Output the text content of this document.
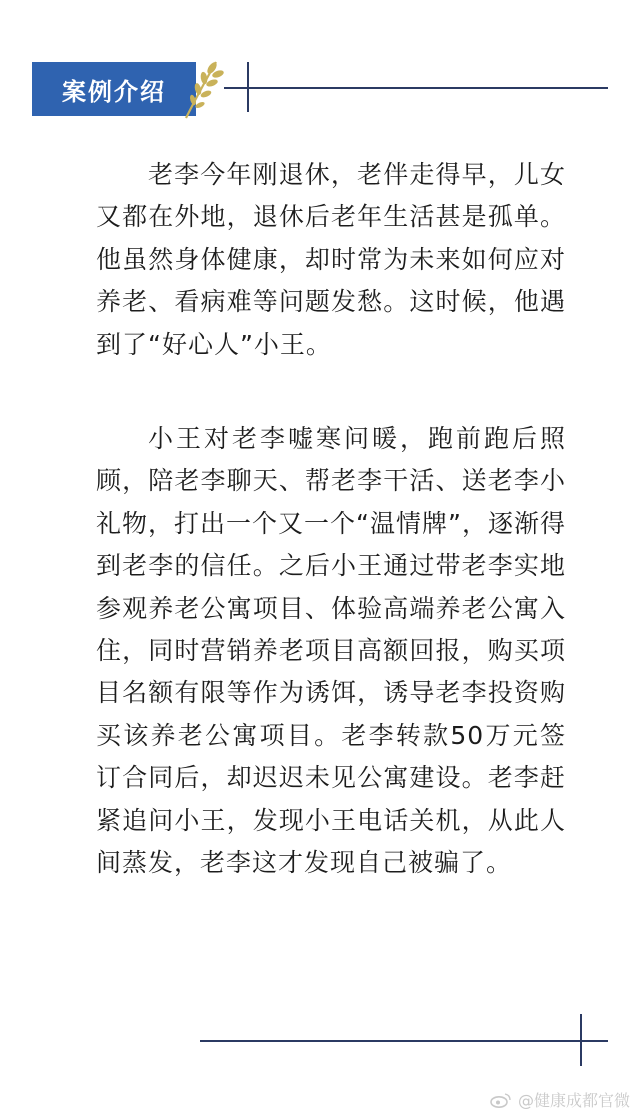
案例介绍

老李今年刚退休，老伴走得早，儿女又都在外地，退休后老年生活甚是孤单。他虽然身体健康，却时常为未来如何应对养老、看病难等问题发愁。这时候，他遇到了“好心人”小王。

小王对老李嘘寒问暖，跑前跑后照顾，陪老李聊天、帮老李干活、送老李小礼物，打出一个又一个“温情牌”，逐渐得到老李的信任。之后小王通过带老李实地参观养老公寓项目、体验高端养老公寓入住，同时营销养老项目高额回报，购买项目名额有限等作为诱饵，诱导老李投资购买该养老公寓项目。老李转款50万元签订合同后，却迟迟未见公寓建设。老李赶紧追问小王，发现小王电话关机，从此人间蒸发，老李这才发现自己被骗了。

@健康成都官微
